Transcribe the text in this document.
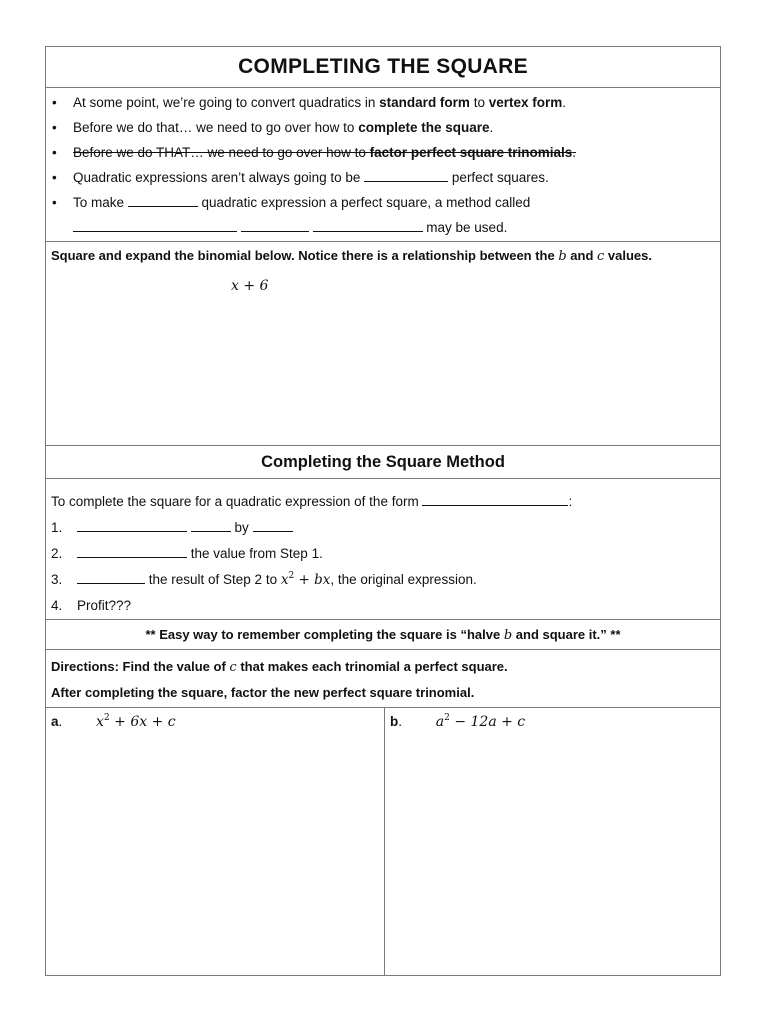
COMPLETING THE SQUARE
• At some point, we’re going to convert quadratics in standard form to vertex form.
• Before we do that… we need to go over how to complete the square.
• Before we do THAT… we need to go over how to factor perfect square trinomials.
• Quadratic expressions aren’t always going to be	perfect squares.
• To make	quadratic expression a perfect square, a method called
may be used.
Square and expand the binomial below. Notice there is a relationship between the b and c values.
x + 6
Completing the Square Method
To complete the square for a quadratic expression of the form	:
1.	by
2.	the value from Step 1.
3.	the result of Step 2 to $x^2$ + bx, the original expression.
4. Profit???
** Easy way to remember completing the square is “halve b and square it.” **
Directions: Find the value of c that makes each trinomial a perfect square.
After completing the square, factor the new perfect square trinomial.
a. $x^2 + 6x + c$	b. $a^2 - 12a + c$
